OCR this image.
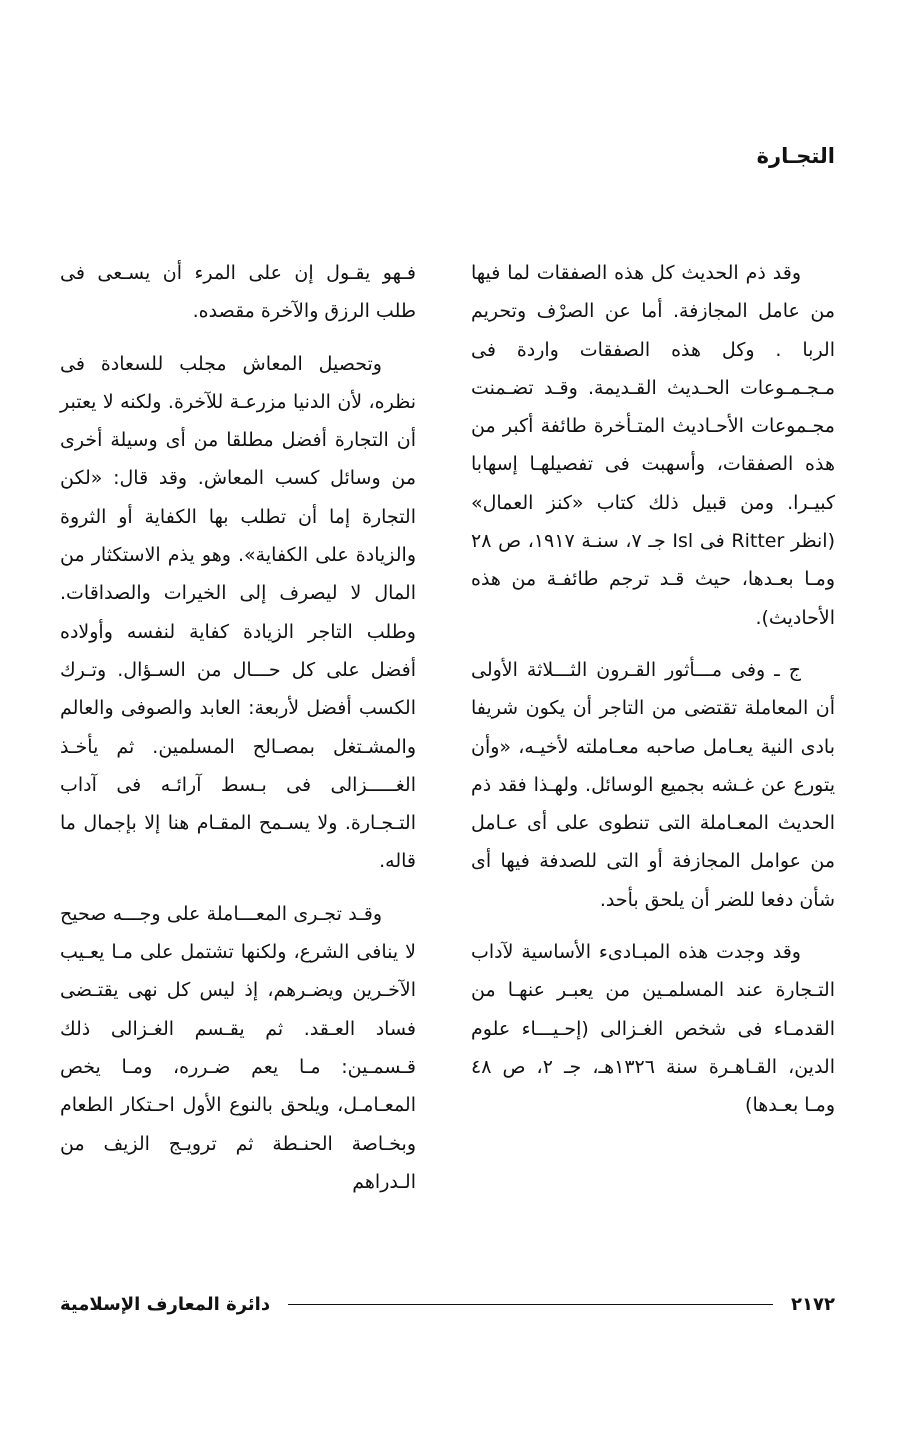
التجـارة

وقد ذم الحديث كل هذه الصفقات لما فيها من عامل المجازفة. أما عن الصرْف وتحريم الربا . وكل هذه الصفقات واردة فى مـجـمـوعات الحـديث القـديمة. وقـد تضـمنت مجـموعات الأحـاديث المتـأخرة طائفة أكبر من هذه الصفقات، وأسهبت فى تفصيلهـا إسهابا كبيـرا. ومن قبيل ذلك كتاب «كنز العمال» (انظر Ritter فى Isl جـ ٧، سنـة ١٩١٧، ص ٢٨ ومـا بعـدها، حيث قـد ترجم طائفـة من هذه الأحاديث).

ج ـ وفى مـــأثور القـرون الثـــلاثة الأولى أن المعاملة تقتضى من التاجر أن يكون شريفا بادى النية يعـامل صاحبه معـاملته لأخيـه، «وأن يتورع عن غـشه بجميع الوسائل. ولهـذا فقد ذم الحديث المعـاملة التى تنطوى على أى عـامل من عوامل المجازفة أو التى للصدفة فيها أى شأن دفعا للضر أن يلحق بأحد.

وقد وجدت هذه المبـادىء الأساسية لآداب التـجارة عند المسلمـين من يعبـر عنهـا من القدمـاء فى شخص الغـزالى (إحـيـــاء علوم الدين، القـاهـرة سنة ١٣٢٦هـ، جـ ٢، ص ٤٨ ومـا بعـدها)

فـهو يقـول إن على المرء أن يسـعى فى طلب الرزق والآخرة مقصده.

وتحصيل المعاش مجلب للسعادة فى نظره، لأن الدنيا مزرعـة للآخرة. ولكنه لا يعتبر أن التجارة أفضل مطلقا من أى وسيلة أخرى من وسائل كسب المعاش. وقد قال: «لكن التجارة إما أن تطلب بها الكفاية أو الثروة والزيادة على الكفاية». وهو يذم الاستكثار من المال لا ليصرف إلى الخيرات والصداقات. وطلب التاجر الزيادة كفاية لنفسه وأولاده أفضل على كل حـــال من السـؤال. وتـرك الكسب أفضل لأربعة: العابد والصوفى والعالم والمشـتغل بمصـالح المسلمين. ثم يأخـذ الغـــــزالى فى بـسط آرائـه فى آداب التـجـارة. ولا يسـمح المقـام هنا إلا بإجمال ما قاله.

وقـد تجـرى المعـــاملة على وجـــه صحيح لا ينافى الشرع، ولكنها تشتمل على مـا يعـيب الآخـرين ويضـرهم، إذ ليس كل نهى يقتـضى فساد العـقد. ثم يقـسم الغـزالى ذلك قـسمـين: مـا يعم ضـرره، ومـا يخص المعـامـل، ويلحق بالنوع الأول احـتكار الطعام وبخـاصة الحنـطة ثم ترويـج الزيف من الـدراهم

٢١٧٢
دائرة المعارف الإسلامية
